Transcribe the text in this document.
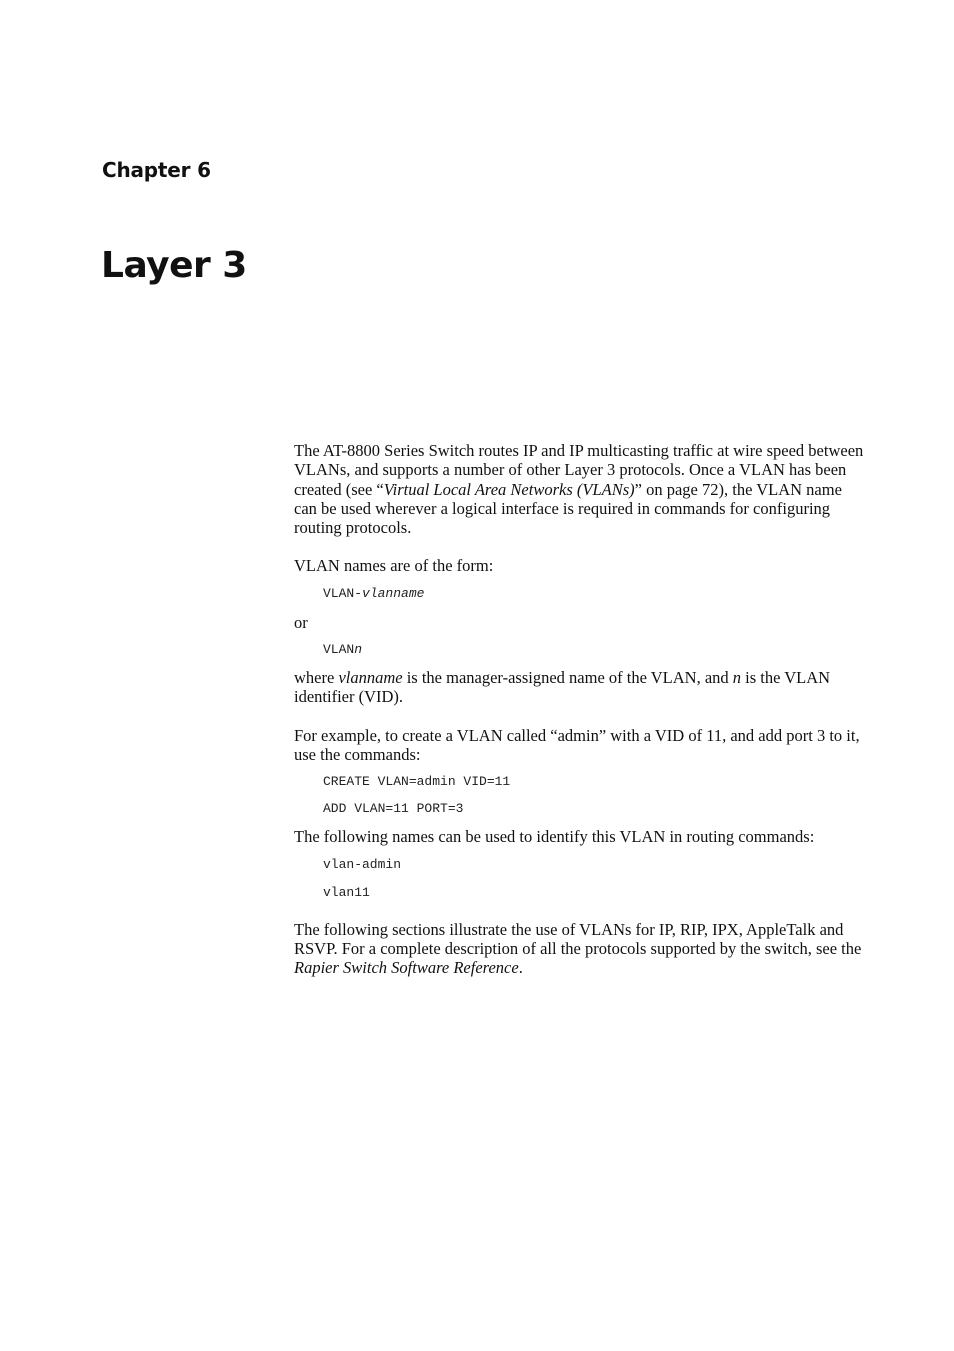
Chapter 6
Layer 3

The AT-8800 Series Switch routes IP and IP multicasting traffic at wire speed between VLANs, and supports a number of other Layer 3 protocols. Once a VLAN has been created (see “Virtual Local Area Networks (VLANs)” on page 72), the VLAN name can be used wherever a logical interface is required in commands for configuring routing protocols.

VLAN names are of the form:

VLAN-vlanname

or

VLANn

where vlanname is the manager-assigned name of the VLAN, and n is the VLAN identifier (VID).

For example, to create a VLAN called “admin” with a VID of 11, and add port 3 to it, use the commands:

CREATE VLAN=admin VID=11
ADD VLAN=11 PORT=3

The following names can be used to identify this VLAN in routing commands:

vlan-admin
vlan11

The following sections illustrate the use of VLANs for IP, RIP, IPX, AppleTalk and RSVP. For a complete description of all the protocols supported by the switch, see the Rapier Switch Software Reference.
